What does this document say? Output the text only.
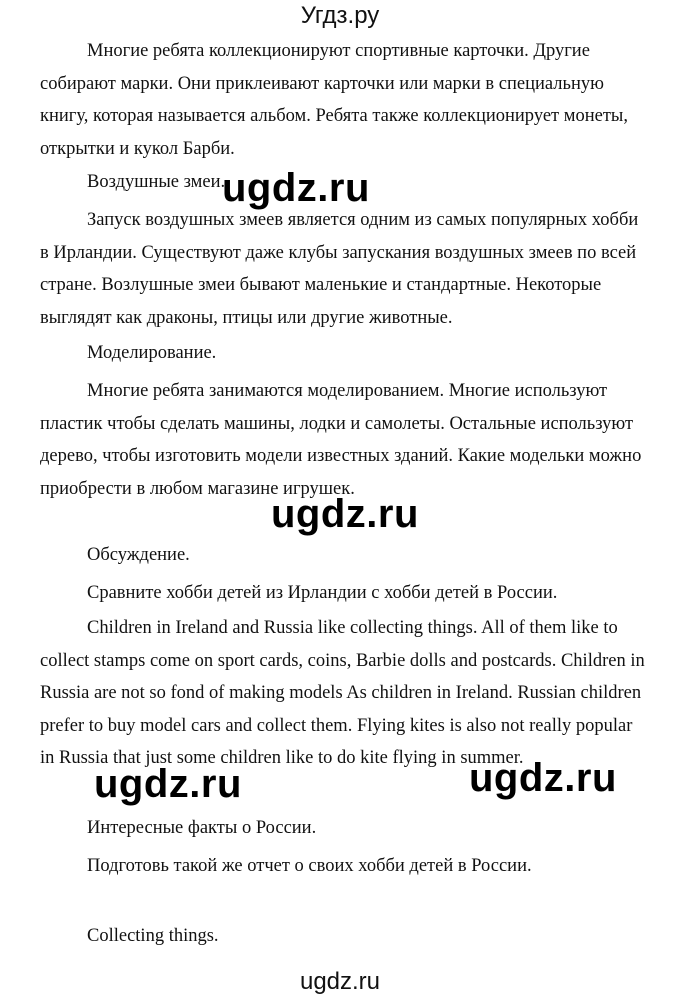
Угдз.ру
Многие ребята коллекционируют спортивные карточки. Другие собирают марки. Они приклеивают карточки или марки в специальную книгу, которая называется альбом. Ребята также коллекционирует монеты, открытки и кукол Барби.
Воздушные змеи.
Запуск воздушных змеев является одним из самых популярных хобби в Ирландии. Существуют даже клубы запускания воздушных змеев по всей стране. Возлушные змеи бывают маленькие и стандартные. Некоторые выглядят как драконы, птицы или другие животные.
Моделирование.
Многие ребята занимаются моделированием. Многие используют пластик чтобы сделать машины, лодки и самолеты. Остальные используют дерево, чтобы изготовить модели известных зданий. Какие модельки можно приобрести в любом магазине игрушек.
Обсуждение.
Сравните хобби детей из Ирландии с хобби детей в России.
Children in Ireland and Russia like collecting things. All of them like to collect stamps come on sport cards, coins, Barbie dolls and postcards. Children in Russia are not so fond of making models As children in Ireland. Russian children prefer to buy model cars and collect them. Flying kites is also not really popular in Russia that just some children like to do kite flying in summer.
Интересные факты о России.
Подготовь такой же отчет о своих хобби детей в России.
Collecting things.
ugdz.ru
ugdz.ru
ugdz.ru	ugdz.ru
ugdz.ru
